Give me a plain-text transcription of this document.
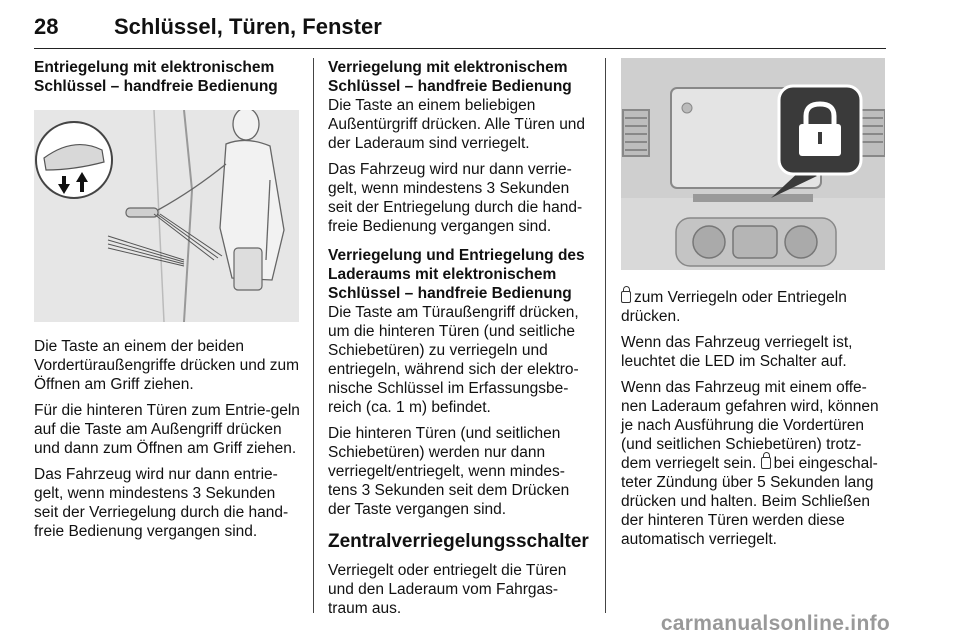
28	Schlüssel, Türen, Fenster

Entriegelung mit elektronischem Schlüssel – handfreie Bedienung

Die Taste an einem der beiden Vordertüraußengriffe drücken und zum Öffnen am Griff ziehen.

Für die hinteren Türen zum Entrie-geln auf die Taste am Außengriff drücken und dann zum Öffnen am Griff ziehen.

Das Fahrzeug wird nur dann entrie-gelt, wenn mindestens 3 Sekunden seit der Verriegelung durch die hand-freie Bedienung vergangen sind.

Verriegelung mit elektronischem Schlüssel – handfreie Bedienung

Die Taste an einem beliebigen Außentürgriff drücken. Alle Türen und der Laderaum sind verriegelt.

Das Fahrzeug wird nur dann verrie-gelt, wenn mindestens 3 Sekunden seit der Entriegelung durch die hand-freie Bedienung vergangen sind.

Verriegelung und Entriegelung des Laderaums mit elektronischem Schlüssel – handfreie Bedienung

Die Taste am Türaußengriff drücken, um die hinteren Türen (und seitliche Schiebetüren) zu verriegeln und entriegeln, während sich der elektro-nische Schlüssel im Erfassungsbe-reich (ca. 1 m) befindet.

Die hinteren Türen (und seitlichen Schiebetüren) werden nur dann verriegelt/entriegelt, wenn mindes-tens 3 Sekunden seit dem Drücken der Taste vergangen sind.

Zentralverriegelungsschalter

Verriegelt oder entriegelt die Türen und den Laderaum vom Fahrgas-traum aus.

zum Verriegeln oder Entriegeln drücken.

Wenn das Fahrzeug verriegelt ist, leuchtet die LED im Schalter auf.

Wenn das Fahrzeug mit einem offe-nen Laderaum gefahren wird, können je nach Ausführung die Vordertüren (und seitlichen Schiebetüren) trotz-dem verriegelt sein. bei eingeschal-teter Zündung über 5 Sekunden lang drücken und halten. Beim Schließen der hinteren Türen werden diese automatisch verriegelt.

carmanualsonline.info
